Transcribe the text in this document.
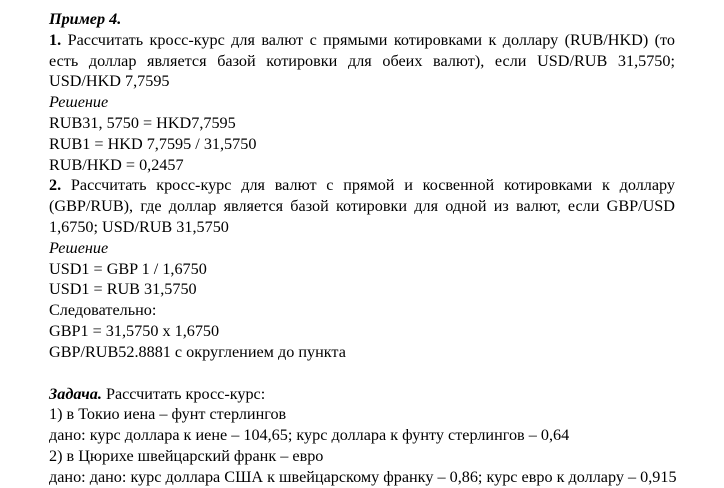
Пример 4.
1. Рассчитать кросс-курс для валют с прямыми котировками к доллару (RUB/HKD) (то
есть доллар является базой котировки для обеих валют), если USD/RUB 31,5750;
USD/HKD 7,7595
Решение
RUB31, 5750 = HKD7,7595
RUB1 = HKD 7,7595 / 31,5750
RUB/HKD = 0,2457
2. Рассчитать кросс-курс для валют с прямой и косвенной котировками к доллару
(GBP/RUB), где доллар является базой котировки для одной из валют, если GBP/USD
1,6750; USD/RUB 31,5750
Решение
USD1 = GBP 1 / 1,6750
USD1 = RUB 31,5750
Следовательно:
GBP1 = 31,5750 x 1,6750
GBP/RUB52.8881 с округлением до пункта
Задача. Рассчитать кросс-курс:
1) в Токио иена – фунт стерлингов
дано: курс доллара к иене – 104,65; курс доллара к фунту стерлингов – 0,64
2) в Цюрихе швейцарский франк – евро
дано: дано: курс доллара США к швейцарскому франку – 0,86; курс евро к доллару – 0,915
